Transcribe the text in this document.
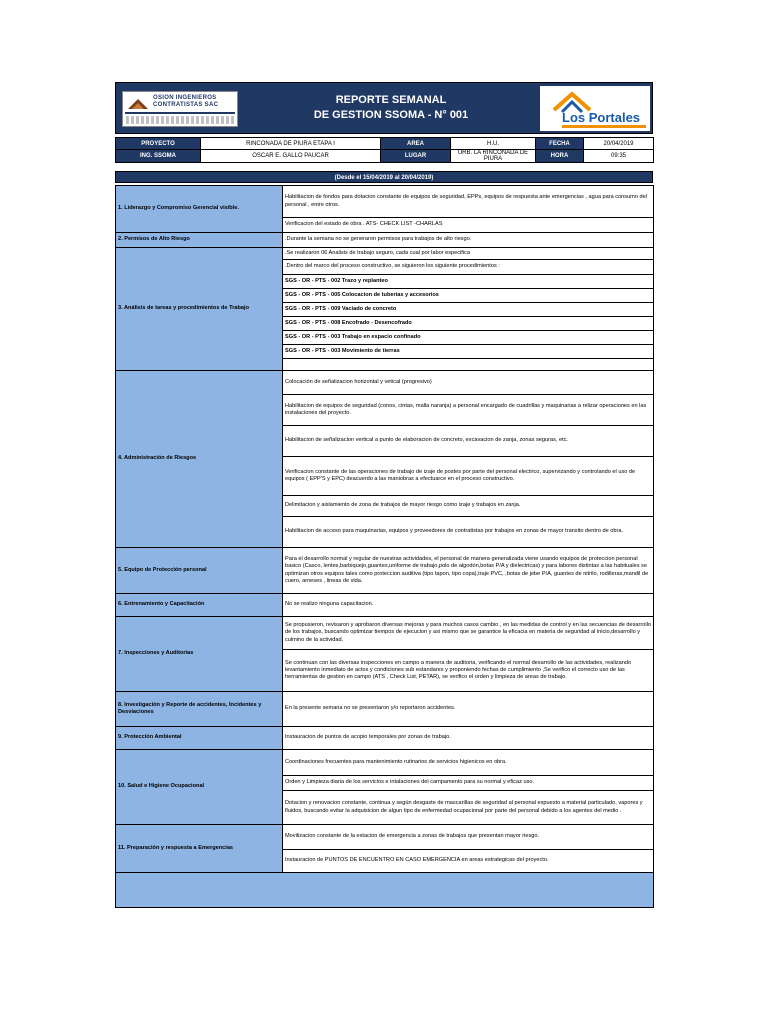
OSION INGENIEROS
CONTRATISTAS SAC	REPORTE SEMANAL
DE GESTION SSOMA - N° 001	Los Portales
PROYECTO	RINCONADA DE PIURA ETAPA I	AREA	H.U.	FECHA	20/04/2019
ING. SSOMA	OSCAR E. GALLO PAUCAR	LUGAR	URB. LA RINCONADA DE PIURA	HORA	09:35
(Desde el 15/04/2019 al 20/04/2019)
1. Liderazgo y Compromiso Gerencial visible.	Habilitacion de fondos para dotacion constante de equipos de seguridad, EPPs, equipos de respuesta ante emergencias , agua para consumo del personal , entre otros.
	Verificacion del estado de obra . ATS- CHECK LIST -CHARLAS
2. Permisos de Alto Riesgo	.Durante la semana no se generaron permisos para trabajos de alto riesgo.
3. Análisis de tareas y procedimientos de Trabajo	.Se realizaron 06 Analisis de trabajo seguro, cada cual por labor especifica
	.Dentro del marco del proceso constructivo, se siguieron los siguiente procedimientos :
	SGS - OR - PTS - 002 Trazo y replanteo
	SGS - OR - PTS - 005 Colocacion de tuberias y accesorios
	SGS - OR - PTS - 009 Vaciado de concreto
	SGS - OR - PTS - 008 Encofrado - Desencofrado
	SGS - OR - PTS - 003 Trabajo en espacio confinado
	SGS - OR - PTS - 003 Movimiento de tierras

4. Administración de Riesgos	Colocación de señalizacion horizontal y vetical (progresivo)
	Habilitacion de equipos de seguridad (conos, cintas, malla naranja) a personal encargado de cuadrillas y maquinarias a relizar operaciones en las instalaciones del proyecto.
	Habilitacion de señalizacion vertical a punto de elaboracion de concreto, excavacion de zanja, zonas seguras, etc.
	Verificacion constante de las operaciones de trabajo de izaje de postes por parte del personal electrico, supervizando y controlando el uso de equipos ( EPP'S y EPC) deacuerdo a las maniobras a efectuarce en el proceso constructivo.
	Delimitacion y aislamiento de zona de trabajos de mayor riesgo como izaje y trabajos en zanja.
	Habilitacion de acceso para maquinarias, equipos y proveedores de contratistas por trabajos en zonas de mayor transito dentro de obra.
5. Equipo de Protección personal	Para el desarrollo normal y regular de nuestras actividades, el personal de manera generalizada viene usando equipos de proteccion personal basico (Casco, lentes,barbiquejo,guantes,uniforme de trabajo,polo de algodón,botas P/A y dielectricas) y para labores distintas a las habituales se optimizan otros equipos tales como proteccion auditiva (tipo tapon, tipo copa),traje PVC, ,botas de jebe P/A, guantes de nitrilo, rodilleras,mandil de cuero, arneses , lineas de vida.
6. Entrenamiento y Capacitación	No se realizo ninguna capacitacion.
7. Inspecciones y Auditorias	Se propusieron, revisaron y aprobaron diversas mejoras y para muchos casos cambio , en las medidas de control y en las secuencias de desarrollo de los trabajos, buscando optimizar tiempos de ejecucion y asi mismo que se garantice la eficacia en materia de seguridad al inicio,desarrollo y culmino de la actividad.
	Se continuan con las diversas inspecciones en campo a manera de auditoria, verificando el normal desarrollo de las actividades, realizando levantamiento inmediato de actos y condiciones sub estandares y proponiendo fechas de cumplimiento ,Se verifico el correcto uso de las herramientas de gestion en campo (ATS , Check List, PETAR), se verifico el orden y limpieza de areas de trabajo.
8. Investigación y Reporte de accidentes, Incidentes y Desviaciones	En la presente semana no se presentaron y/o reportaron accidentes.
9. Protección Ambiental	Instauracion de puntos de acopio temporales por zonas de trabajo.
10. Salud e Higiene Ocupacional	Coordinaciones frecuentes para mantenimiento rutinarios de servicios higienicos en obra.
	Orden y Limpieza diaria de los servicios e intalaciones del campamento para su normal y eficaz uso.
	Dotacion y renovacion constante, continua y según desgaste de mascarillas de seguridad al personal expuesto a material particulado, vapores y fluidos, buscando evitar la adquisicion de algun tipo de enfermedad ocupacional por parte del personal debido a los agentes del medio .
11. Preparación y respuesta a Emergencias	Movilizacion constante de la estacion de emergencia a zonas de trabajos que presentan mayor riesgo.
	Instauracion de PUNTOS DE ENCUENTRO EN CASO EMERGENCIA en areas estrategicas del proyecto.
